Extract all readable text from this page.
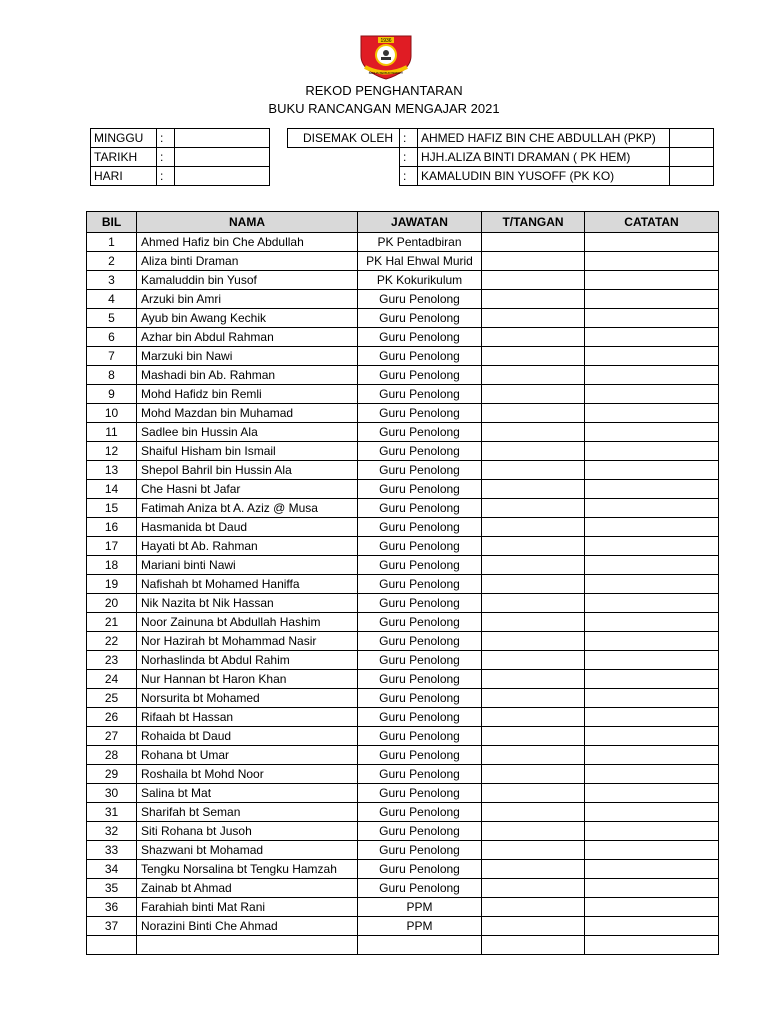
1936
BERILMU BERBUDI BERBAKTI
REKOD PENGHANTARAN
BUKU RANCANGAN MENGAJAR 2021
MINGGU	:	
TARIKH	:	
HARI	:	
DISEMAK OLEH	:	AHMED HAFIZ BIN CHE ABDULLAH (PKP)	
	:	HJH.ALIZA BINTI DRAMAN ( PK HEM)	
	:	KAMALUDIN BIN YUSOFF (PK KO)	
BIL	NAMA	JAWATAN	T/TANGAN	CATATAN
1	Ahmed Hafiz bin Che Abdullah	PK Pentadbiran		
2	Aliza binti Draman	PK Hal Ehwal Murid		
3	Kamaluddin bin Yusof	PK Kokurikulum		
4	Arzuki bin Amri	Guru Penolong		
5	Ayub bin Awang Kechik	Guru Penolong		
6	Azhar bin Abdul Rahman	Guru Penolong		
7	Marzuki bin Nawi	Guru Penolong		
8	Mashadi bin Ab. Rahman	Guru Penolong		
9	Mohd Hafidz bin Remli	Guru Penolong		
10	Mohd Mazdan bin Muhamad	Guru Penolong		
11	Sadlee bin Hussin Ala	Guru Penolong		
12	Shaiful Hisham bin Ismail	Guru Penolong		
13	Shepol Bahril bin Hussin Ala	Guru Penolong		
14	Che Hasni bt Jafar	Guru Penolong		
15	Fatimah Aniza bt A. Aziz @ Musa	Guru Penolong		
16	Hasmanida bt Daud	Guru Penolong		
17	Hayati bt Ab. Rahman	Guru Penolong		
18	Mariani binti Nawi	Guru Penolong		
19	Nafishah bt Mohamed Haniffa	Guru Penolong		
20	Nik Nazita bt Nik Hassan	Guru Penolong		
21	Noor Zainuna bt Abdullah Hashim	Guru Penolong		
22	Nor Hazirah bt Mohammad Nasir	Guru Penolong		
23	Norhaslinda bt Abdul Rahim	Guru Penolong		
24	Nur Hannan bt Haron Khan	Guru Penolong		
25	Norsurita bt Mohamed	Guru Penolong		
26	Rifaah bt Hassan	Guru Penolong		
27	Rohaida bt Daud	Guru Penolong		
28	Rohana bt Umar	Guru Penolong		
29	Roshaila bt Mohd Noor	Guru Penolong		
30	Salina bt Mat	Guru Penolong		
31	Sharifah bt Seman	Guru Penolong		
32	Siti Rohana bt Jusoh	Guru Penolong		
33	Shazwani bt Mohamad	Guru Penolong		
34	Tengku Norsalina bt Tengku Hamzah	Guru Penolong		
35	Zainab bt Ahmad	Guru Penolong		
36	Farahiah binti Mat Rani	PPM		
37	Norazini Binti Che Ahmad	PPM		
